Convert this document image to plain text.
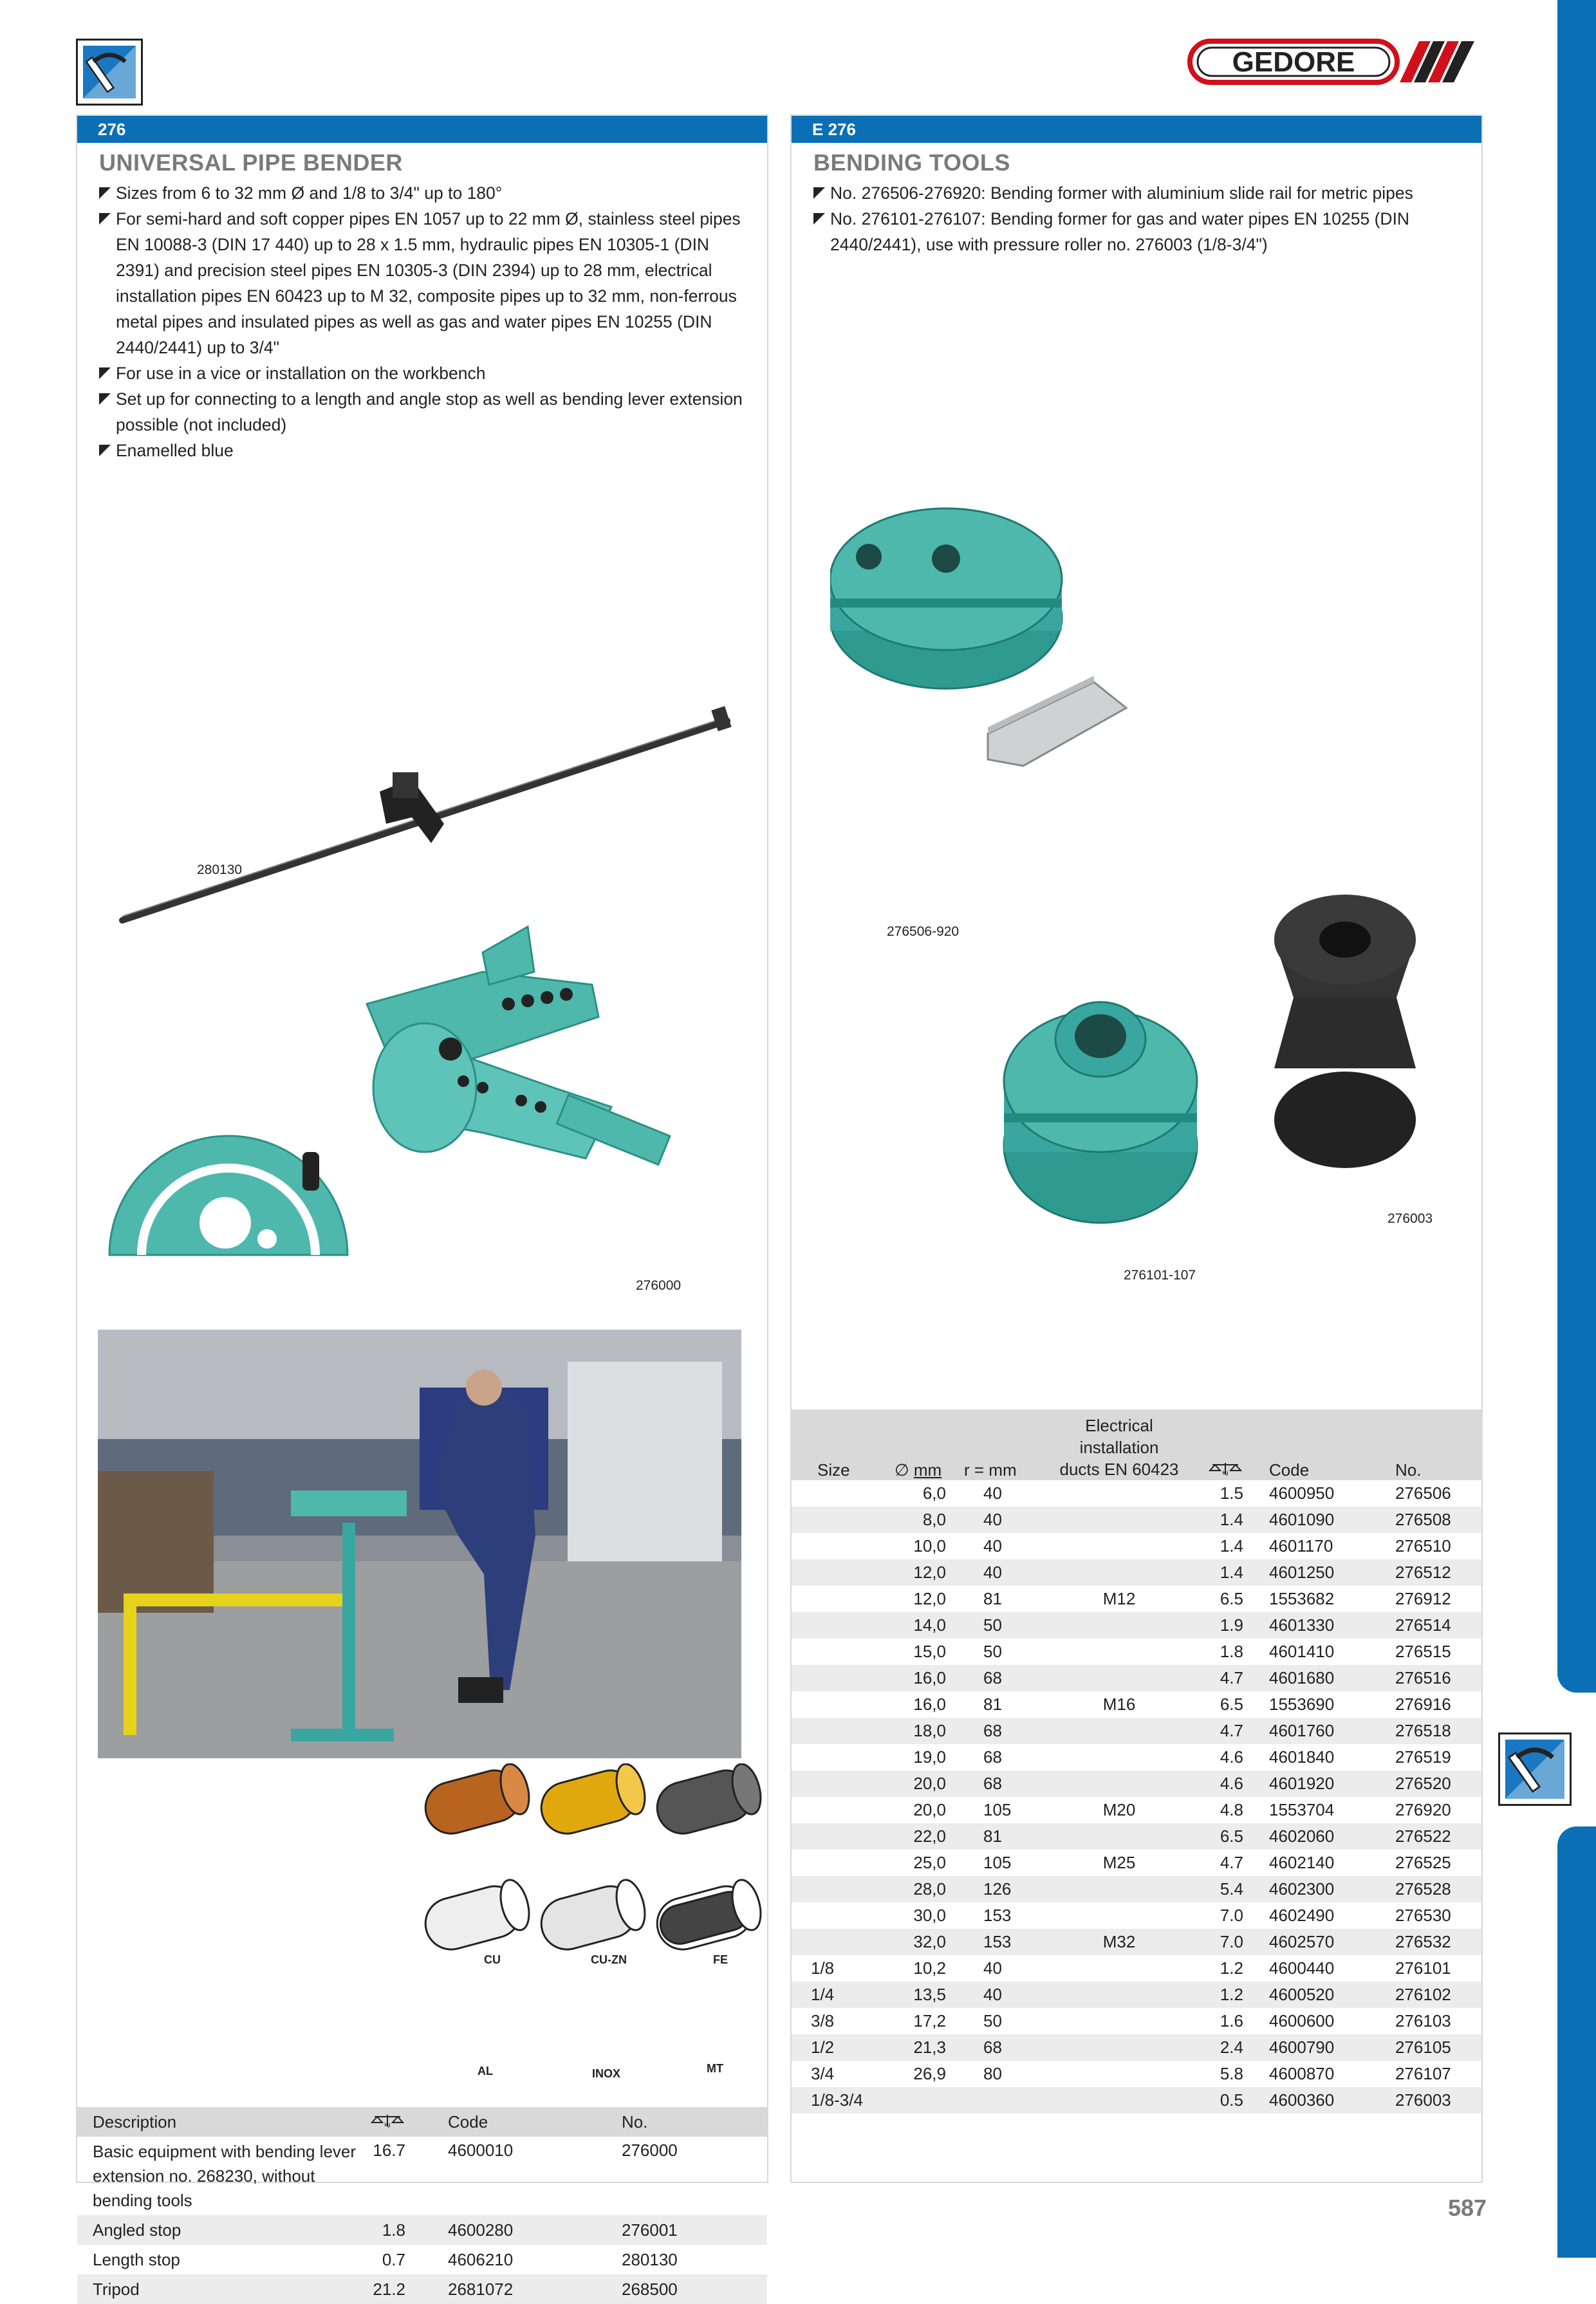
GEDORE
276
UNIVERSAL PIPE BENDER
Sizes from 6 to 32 mm Ø and 1/8 to 3/4" up to 180°
For semi-hard and soft copper pipes EN 1057 up to 22 mm Ø, stainless steel pipes EN 10088-3 (DIN 17 440) up to 28 x 1.5 mm, hydraulic pipes EN 10305-1 (DIN 2391) and precision steel pipes EN 10305-3 (DIN 2394) up to 28 mm, electrical installation pipes EN 60423 up to M 32, composite pipes up to 32 mm, non-ferrous metal pipes and insulated pipes as well as gas and water pipes EN 10255 (DIN 2440/2441) up to 3/4"
For use in a vice or installation on the workbench
Set up for connecting to a length and angle stop as well as bending lever extension possible (not included)
Enamelled blue
280130
276000
CU	CU-ZN	FE
AL	INOX	MT
Description	kg	Code	No.
Basic equipment with bending lever extension no. 268230, without bending tools	16.7	4600010	276000
Angled stop	1.8	4600280	276001
Length stop	0.7	4606210	280130
Tripod	21.2	2681072	268500
E 276
BENDING TOOLS
No. 276506-276920: Bending former with aluminium slide rail for metric pipes
No. 276101-276107: Bending former for gas and water pipes EN 10255 (DIN 2440/2441), use with pressure roller no. 276003 (1/8-3/4")
276506-920
276101-107
276003
Size	∅ mm	r = mm	Electrical
installation
ducts EN 60423	kg	Code	No.
	6,0	40		1.5	4600950	276506
	8,0	40		1.4	4601090	276508
	10,0	40		1.4	4601170	276510
	12,0	40		1.4	4601250	276512
	12,0	81	M12	6.5	1553682	276912
	14,0	50		1.9	4601330	276514
	15,0	50		1.8	4601410	276515
	16,0	68		4.7	4601680	276516
	16,0	81	M16	6.5	1553690	276916
	18,0	68		4.7	4601760	276518
	19,0	68		4.6	4601840	276519
	20,0	68		4.6	4601920	276520
	20,0	105	M20	4.8	1553704	276920
	22,0	81		6.5	4602060	276522
	25,0	105	M25	4.7	4602140	276525
	28,0	126		5.4	4602300	276528
	30,0	153		7.0	4602490	276530
	32,0	153	M32	7.0	4602570	276532
1/8	10,2	40		1.2	4600440	276101
1/4	13,5	40		1.2	4600520	276102
3/8	17,2	50		1.6	4600600	276103
1/2	21,3	68		2.4	4600790	276105
3/4	26,9	80		5.8	4600870	276107
1/8-3/4				0.5	4600360	276003
587
